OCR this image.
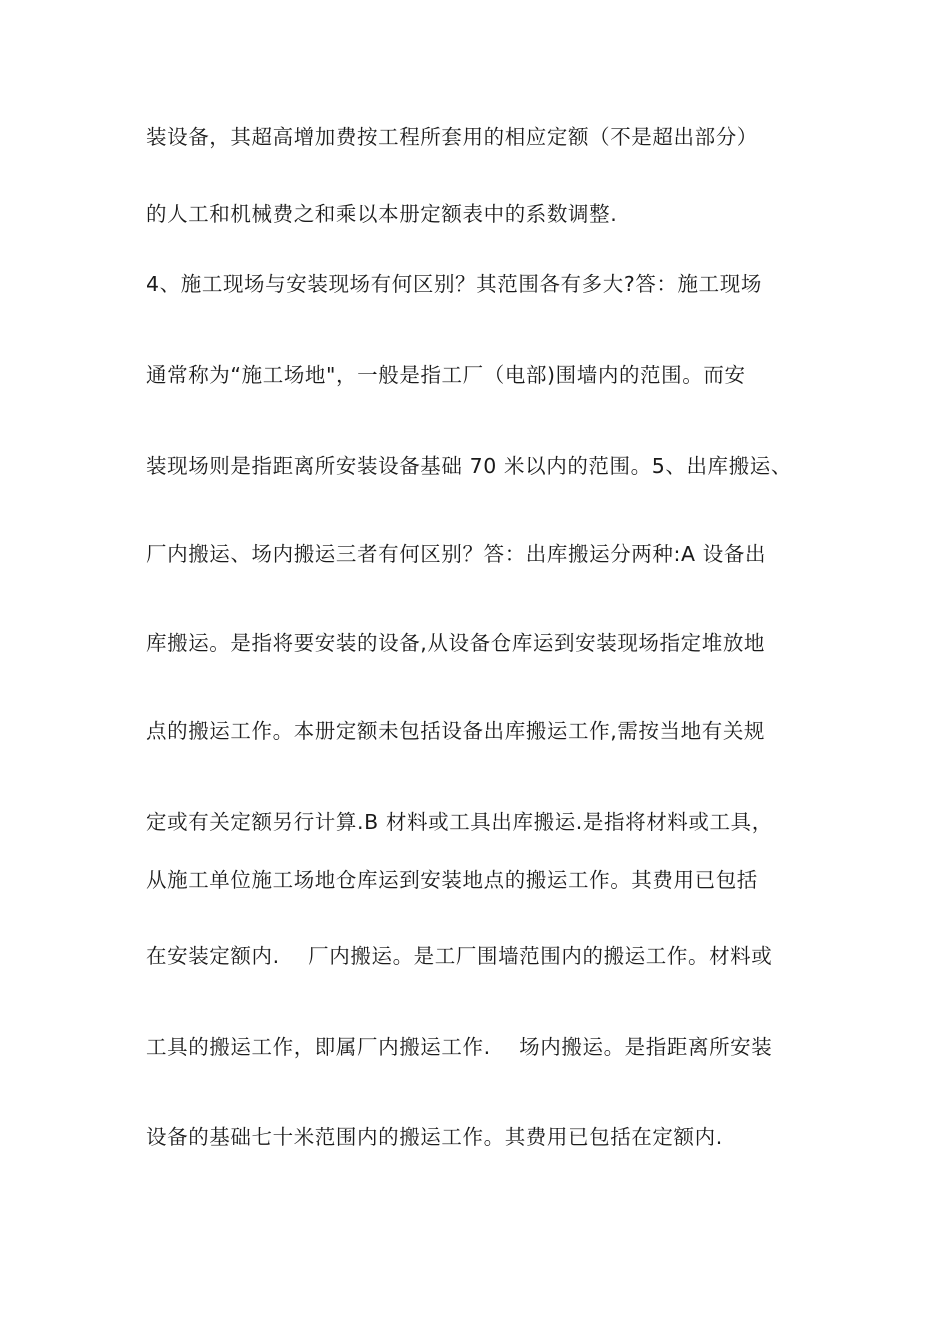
装设备，其超高增加费按工程所套用的相应定额（不是超出部分）
的人工和机械费之和乘以本册定额表中的系数调整.
4、施工现场与安装现场有何区别？其范围各有多大?答：施工现场
通常称为“施工场地"，一般是指工厂（电部)围墙内的范围。而安
装现场则是指距离所安装设备基础 70 米以内的范围。5、出库搬运、
厂内搬运、场内搬运三者有何区别？答：出库搬运分两种:A 设备出
库搬运。是指将要安装的设备,从设备仓库运到安装现场指定堆放地
点的搬运工作。本册定额未包括设备出库搬运工作,需按当地有关规
定或有关定额另行计算.B 材料或工具出库搬运.是指将材料或工具，
从施工单位施工场地仓库运到安装地点的搬运工作。其费用已包括
在安装定额内.    厂内搬运。是工厂围墙范围内的搬运工作。材料或
工具的搬运工作，即属厂内搬运工作.    场内搬运。是指距离所安装
设备的基础七十米范围内的搬运工作。其费用已包括在定额内.
